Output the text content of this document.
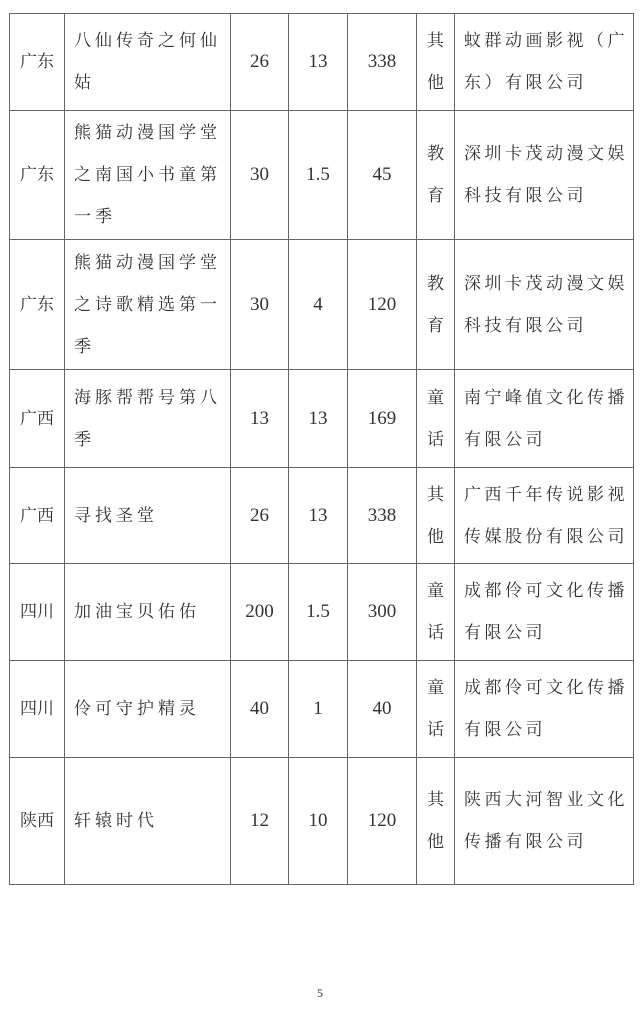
广东	八仙传奇之何仙姑	26	13	338	其他	蚊群动画影视（广东）有限公司
广东	熊猫动漫国学堂之南国小书童第一季	30	1.5	45	教育	深圳卡茂动漫文娱科技有限公司
广东	熊猫动漫国学堂之诗歌精选第一季	30	4	120	教育	深圳卡茂动漫文娱科技有限公司
广西	海豚帮帮号第八季	13	13	169	童话	南宁峰值文化传播有限公司
广西	寻找圣堂	26	13	338	其他	广西千年传说影视传媒股份有限公司
四川	加油宝贝佑佑	200	1.5	300	童话	成都伶可文化传播有限公司
四川	伶可守护精灵	40	1	40	童话	成都伶可文化传播有限公司
陕西	轩辕时代	12	10	120	其他	陕西大河智业文化传播有限公司
5
